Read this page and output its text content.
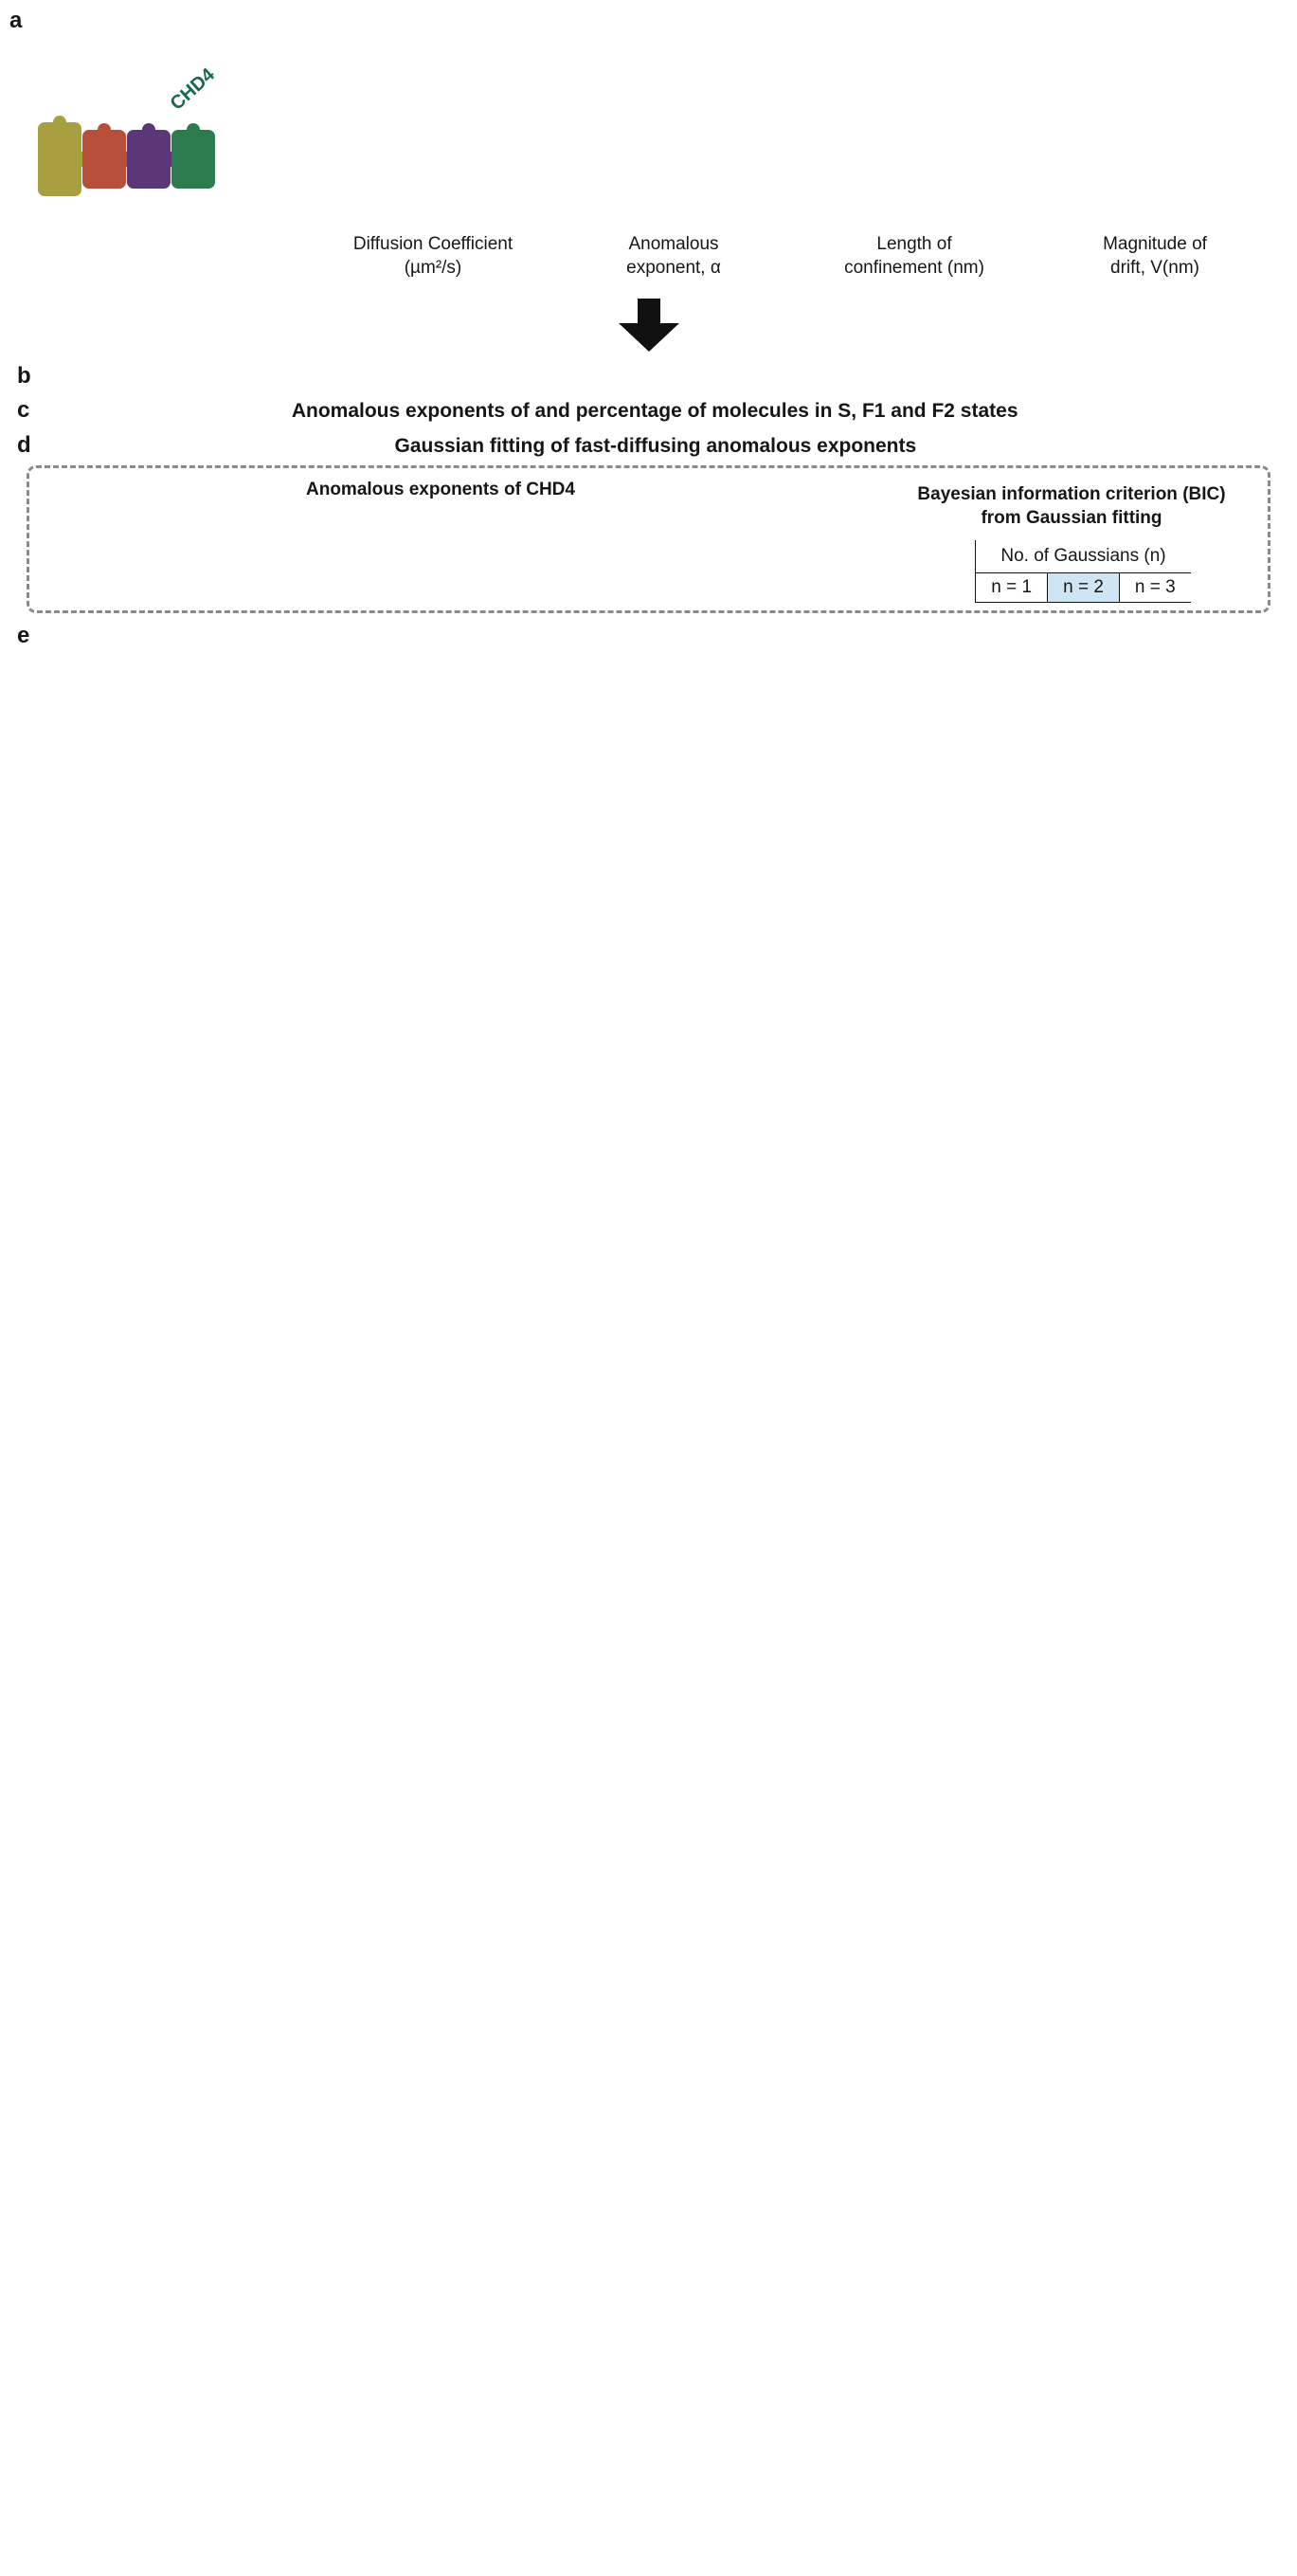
a
CHD4
Diffusion Coefficient
(µm²/s)
Anomalous
exponent, α
Length of
confinement (nm)
Magnitude of
drift, V(nm)
b
c	Anomalous exponents of and percentage of molecules in S, F1 and F2 states
d	Gaussian fitting of fast-diffusing anomalous exponents
Anomalous exponents of CHD4	Bayesian information criterion (BIC)
from Gaussian fitting
	No. of Gaussians (n)		
	n = 1	n = 2	n = 3
e
